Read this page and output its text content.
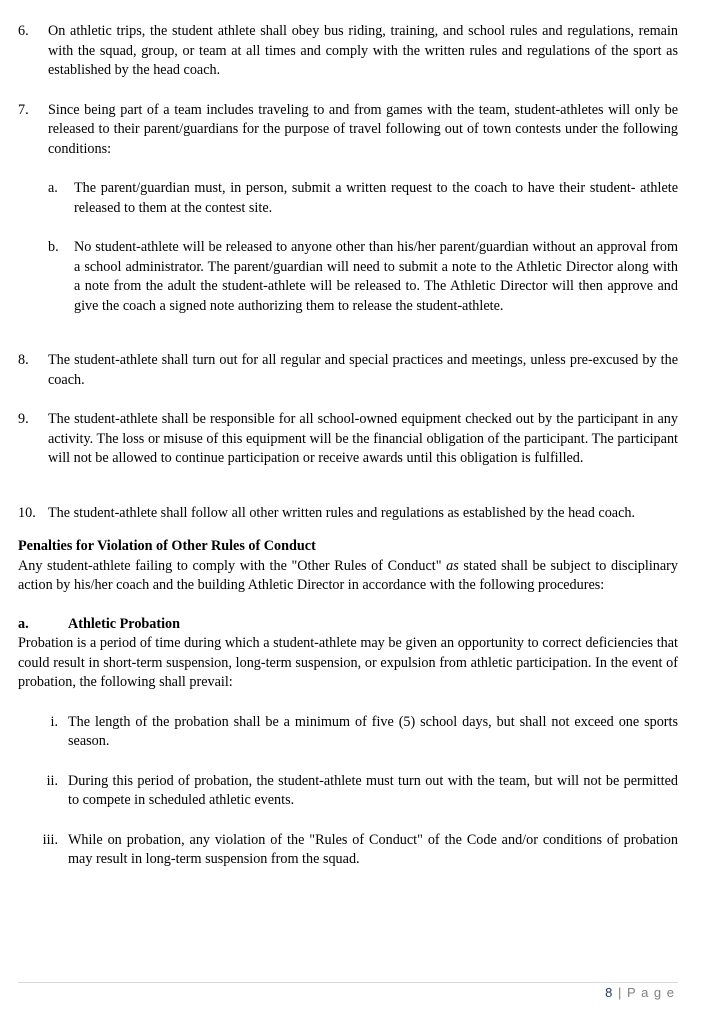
6. On athletic trips, the student athlete shall obey bus riding, training, and school rules and regulations, remain with the squad, group, or team at all times and comply with the written rules and regulations of the sport as established by the head coach.
7. Since being part of a team includes traveling to and from games with the team, student-athletes will only be released to their parent/guardians for the purpose of travel following out of town contests under the following conditions:
a. The parent/guardian must, in person, submit a written request to the coach to have their student- athlete released to them at the contest site.
b. No student-athlete will be released to anyone other than his/her parent/guardian without an approval from a school administrator. The parent/guardian will need to submit a note to the Athletic Director along with a note from the adult the student-athlete will be released to. The Athletic Director will then approve and give the coach a signed note authorizing them to release the student-athlete.
8. The student-athlete shall turn out for all regular and special practices and meetings, unless pre-excused by the coach.
9. The student-athlete shall be responsible for all school-owned equipment checked out by the participant in any activity. The loss or misuse of this equipment will be the financial obligation of the participant. The participant will not be allowed to continue participation or receive awards until this obligation is fulfilled.
10. The student-athlete shall follow all other written rules and regulations as established by the head coach.
Penalties for Violation of Other Rules of Conduct
Any student-athlete failing to comply with the "Other Rules of Conduct" as stated shall be subject to disciplinary action by his/her coach and the building Athletic Director in accordance with the following procedures:
a.	Athletic Probation
Probation is a period of time during which a student-athlete may be given an opportunity to correct deficiencies that could result in short-term suspension, long-term suspension, or expulsion from athletic participation. In the event of probation, the following shall prevail:
i. The length of the probation shall be a minimum of five (5) school days, but shall not exceed one sports season.
ii. During this period of probation, the student-athlete must turn out with the team, but will not be permitted to compete in scheduled athletic events.
iii. While on probation, any violation of the "Rules of Conduct" of the Code and/or conditions of probation may result in long-term suspension from the squad.
8 | P a g e
